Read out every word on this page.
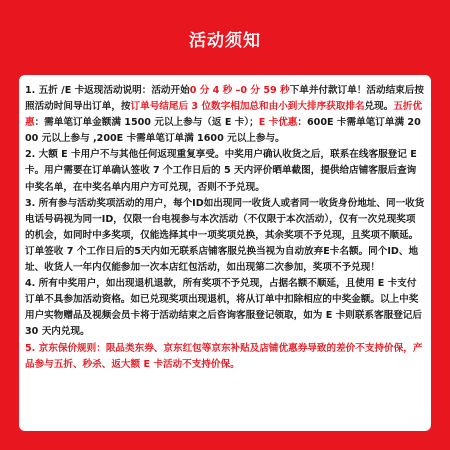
活动须知

1. 五折 /E 卡返现活动说明：活动开始0 分 4 秒 –0 分 59 秒下单并付款订单！活动结束后按照活动时间导出订单，按订单号结尾后 3 位数字相加总和由小到大排序获取排名兑现。五折优惠：需单笔订单金额满 1500 元以上参与（返 E 卡）；E 卡优惠：600E 卡需单笔订单满 2000 元以上参与 ,200E 卡需单笔订单满 1600 元以上参与。

2. 大额 E 卡用户不与其他任何返现重复享受。中奖用户确认收货之后，联系在线客服登记 E 卡。用户需要在订单确认签收 7 个工作日后的 5 天内评价晒单截图，提供给店铺客服后查询中奖名单，在中奖名单内用户方可兑现，否则不予兑现。

3. 所有参与活动奖项活动的用户，每个ID如出现同一收货人或者同一收货身份地址、同一收货电话号码视为同一ID，仅限一台电视参与本次活动（不仅限于本次活动），仅有一次兑现奖项的机会，如同时中多奖项，仅能选择其中一项奖项兑换，其余奖项不予兑现，且奖项不顺延。订单签收 7 个工作日后的5天内如无联系店铺客服兑换当视为自动放弃E卡名额。同个ID、地址、收货人一年内仅能参加一次本店红包活动，如出现第二次参加，奖项不予兑现！

4. 所有中奖用户，如出现退机退款，所有奖项不予兑现，占据名额不顺延，且使用 E 卡支付订单不具参加活动资格。如已兑现奖项出现退机，将从订单中扣除相应的中奖金额。以上中奖用户实物赠品及视频会员卡将于活动结束之后咨询客服登记领取，如为 E 卡则联系客服登记后 30 天内兑现。

5. 京东保价规则：限品类东券、京东红包等京东补贴及店铺优惠券导致的差价不支持价保，产品参与五折、秒杀、返大额 E 卡活动不支持价保。
